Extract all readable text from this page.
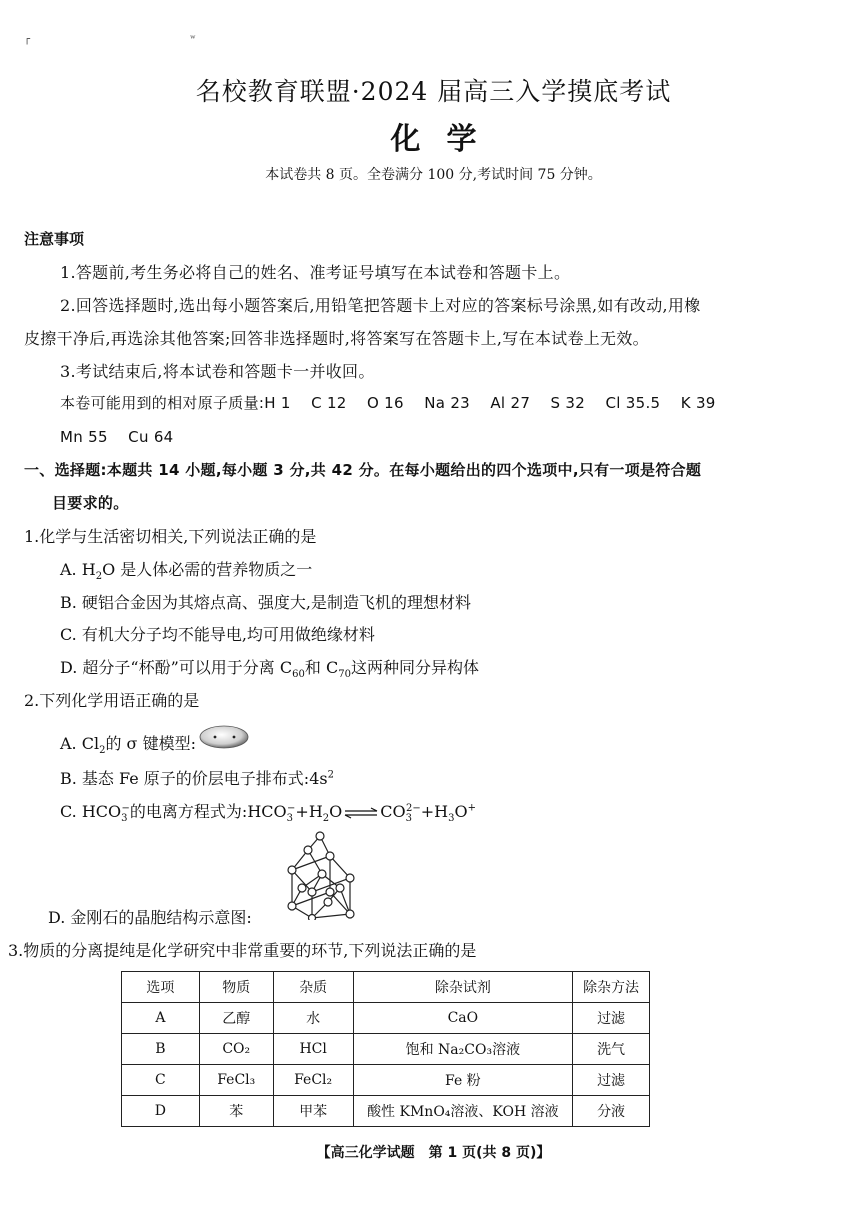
┌	ʷ
名校教育联盟·2024 届高三入学摸底考试
化学
本试卷共 8 页。全卷满分 100 分,考试时间 75 分钟。
注意事项
1.答题前,考生务必将自己的姓名、准考证号填写在本试卷和答题卡上。
2.回答选择题时,选出每小题答案后,用铅笔把答题卡上对应的答案标号涂黑,如有改动,用橡
皮擦干净后,再选涂其他答案;回答非选择题时,将答案写在答题卡上,写在本试卷上无效。
3.考试结束后,将本试卷和答题卡一并收回。
本卷可能用到的相对原子质量:H 1　 C 12　 O 16　 Na 23　 Al 27　 S 32　 Cl 35.5　 K 39
Mn 55　 Cu 64
一、选择题:本题共 14 小题,每小题 3 分,共 42 分。在每小题给出的四个选项中,只有一项是符合题
目要求的。
1.化学与生活密切相关,下列说法正确的是
A. $H_2O$ 是人体必需的营养物质之一
B. 硬铝合金因为其熔点高、强度大,是制造飞机的理想材料
C. 有机大分子均不能导电,均可用做绝缘材料
D. 超分子“杯酚”可以用于分离 $C_{60}$和 $C_{70}$这两种同分异构体
2.下列化学用语正确的是
A. $Cl_2$的 σ 键模型:
B. 基态 Fe 原子的价层电子排布式$:4s^2$
C. $HCO_3^-$的电离方程式为$:HCO_3^-+H_2O\rightleftharpoons CO_3^{2-}+H_3O^+$
D. 金刚石的晶胞结构示意图:
3.物质的分离提纯是化学研究中非常重要的环节,下列说法正确的是
选项	物质	杂质	除杂试剂	除杂方法
A	乙醇	水	CaO	过滤
B	CO₂	HCl	饱和 Na₂CO₃溶液	洗气
C	FeCl₃	FeCl₂	Fe 粉	过滤
D	苯	甲苯	酸性 KMnO₄溶液、KOH 溶液	分液
【高三化学试题　第 1 页(共 8 页)】
